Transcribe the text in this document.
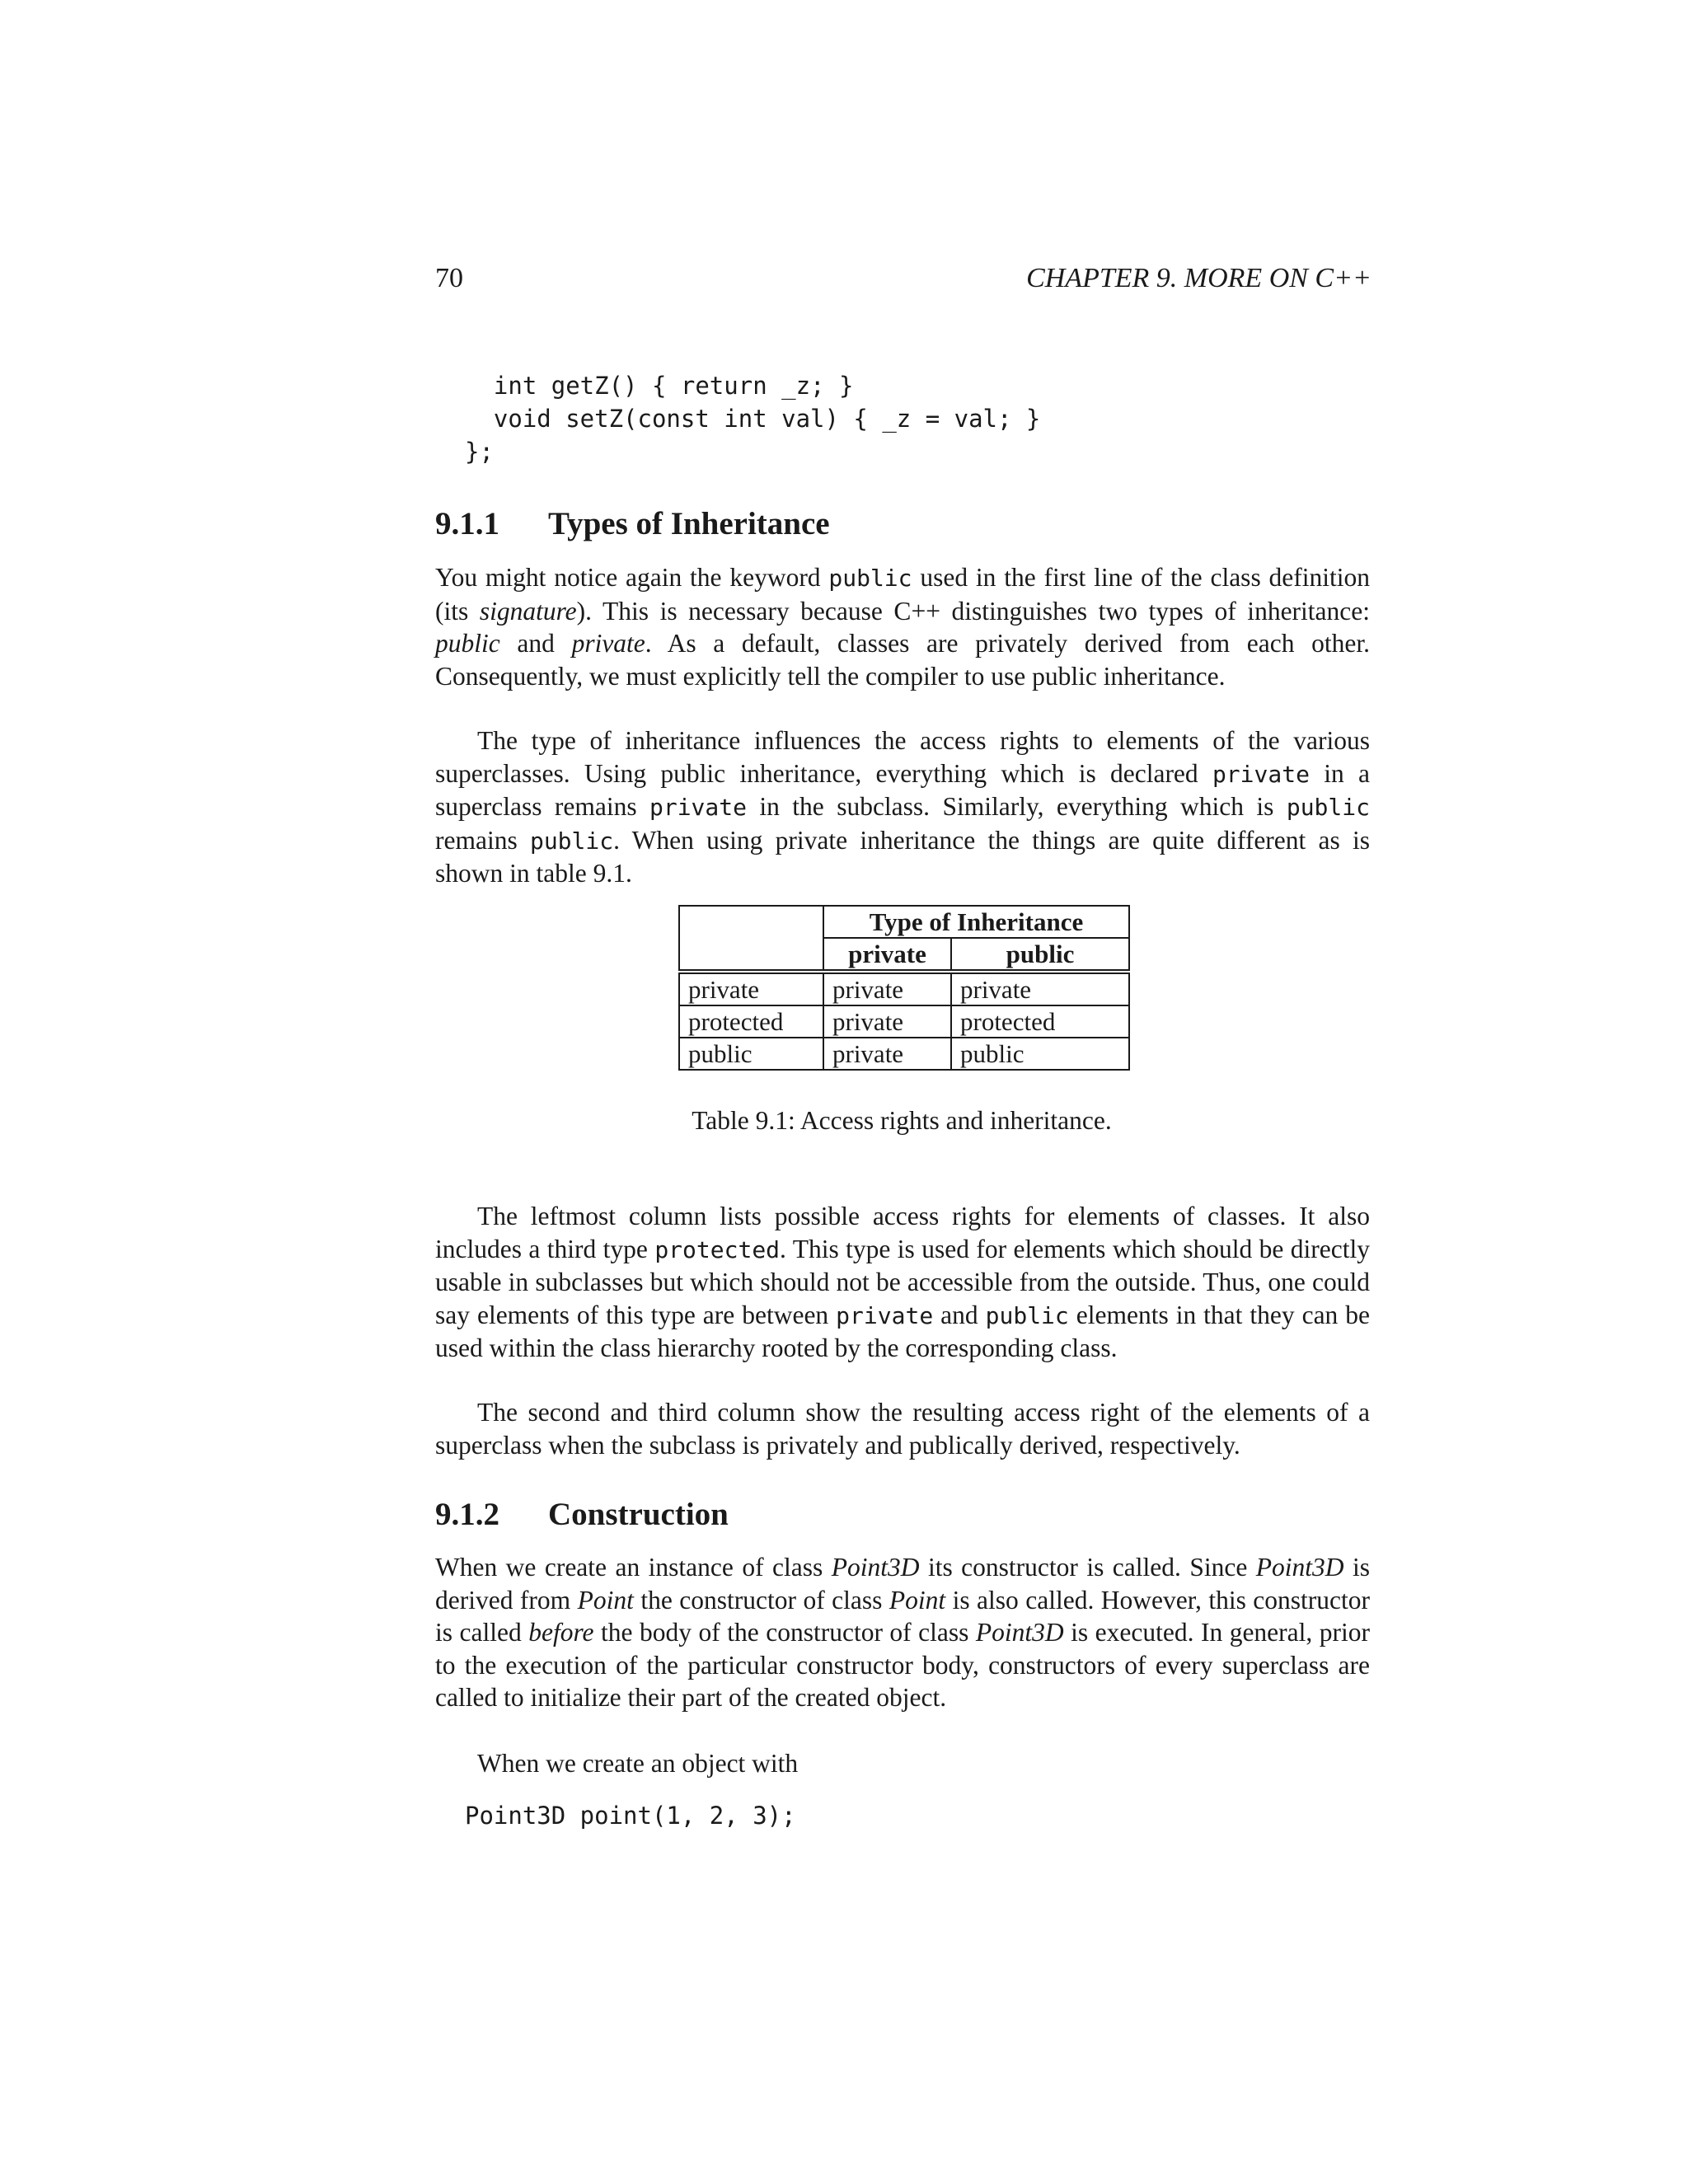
70	CHAPTER 9. MORE ON C++
int getZ() { return _z; }
void setZ(const int val) { _z = val; }
};
9.1.1 Types of Inheritance

You might notice again the keyword public used in the first line of the class definition (its signature). This is necessary because C++ distinguishes two types of inheritance: public and private. As a default, classes are privately derived from each other. Consequently, we must explicitly tell the compiler to use public inheritance.

The type of inheritance influences the access rights to elements of the various superclasses. Using public inheritance, everything which is declared private in a superclass remains private in the subclass. Similarly, everything which is public remains public. When using private inheritance the things are quite different as is shown in table 9.1.

	Type of Inheritance	
	private	public
private	private	private
protected	private	protected
public	private	public
Table 9.1: Access rights and inheritance.

The leftmost column lists possible access rights for elements of classes. It also includes a third type protected. This type is used for elements which should be directly usable in subclasses but which should not be accessible from the outside. Thus, one could say elements of this type are between private and public elements in that they can be used within the class hierarchy rooted by the corresponding class.

The second and third column show the resulting access right of the elements of a superclass when the subclass is privately and publically derived, respectively.

9.1.2 Construction

When we create an instance of class Point3D its constructor is called. Since Point3D is derived from Point the constructor of class Point is also called. However, this constructor is called before the body of the constructor of class Point3D is executed. In general, prior to the execution of the particular constructor body, constructors of every superclass are called to initialize their part of the created object.

When we create an object with

Point3D point(1, 2, 3);
